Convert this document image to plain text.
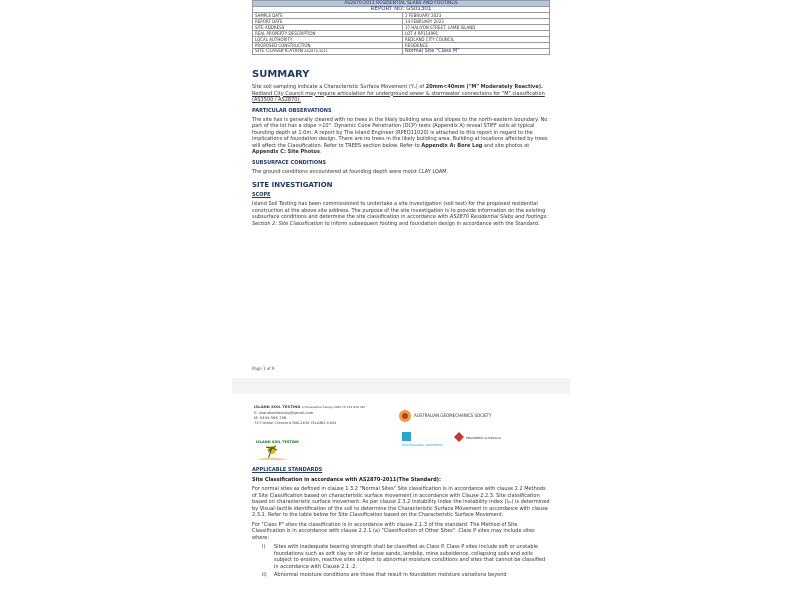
AS2870:2011 RESIDENTIAL SLABS AND FOOTINGS	
REPORT NO: GS01301	
SAMPLE DATE	2 FEBRUARY 2023
REPORT DATE	14 FEBRUARY 2023
SITE ADDRESS	37 HALIYON STREET, LAMB ISLAND
REAL PROPERTY DESCRIPTION	LOT 4 RP114991
LOCAL AUTHORITY	REDLAND CITY COUNCIL
PROPOSED CONSTRUCTION	RESIDENCE
SITE CLASSIFICATION AS2870-2011	Normal Site "Class M"
SUMMARY

Site soil sampling indicate a Characteristic Surface Movement (Yₛ) of 20mm<40mm ("M" Moderately Reactive). Redland City Council may require articulation for underground sewer & stormwater connections for "M" classification (AS3500 / AS2870).

PARTICULAR OBSERVATIONS

The site has is generally cleared with no trees in the likely building area and slopes to the north-eastern boundary. No part of the lot has a slope >10°. Dynamic Cone Penetration (DCP) tests (Appendix A) reveal STIFF soils at typical founding depth at 1.0m. A report by The Island Engineer (RPEQ11020) is attached to this report in regard to the implications of foundation design. There are no trees in the likely building area. Building at locations affected by trees will affect the Classification. Refer to TREES section below. Refer to Appendix A: Bore Log and site photos at Appendix C: Site Photos.

SUBSURFACE CONDITIONS

The ground conditions encountered at founding depth were moist CLAY LOAM.

SITE INVESTIGATION
SCOPE

Island Soil Testing has been commissioned to undertake a site investigation (soil test) for the proposed residential construction at the above site address. The purpose of the site investigation is to provide information on the existing subsurface conditions and determine the site classification in accordance with AS2870 Residential Slabs and footings: Section 2: Site Classification to inform subsequent footing and foundation design in accordance with the Standard.

Page 1 of 9
ISLAND SOIL TESTING a Fairweather Design ABN 76 229 849 467
E: islandsoiltesting@gmail.com
M: 0409 586 798
74 Crease Crescent MACLEAY ISLAND 4184
ISLAND SOIL TESTING
AUSTRALIAN GEOMECHANICS SOCIETY
PROFESSIONAL ENGINEERS
ENGINEERS AUSTRALIA
APPLICABLE STANDARDS
Site Classification in accordance with AS2870-2011(The Standard):

For normal sites as defined in clause 1.3.2 "Normal Sites" Site classification is in accordance with clause 2.2 Methods of Site Classification based on characteristic surface movement in accordance with Clause 2.2.3. Site classification based on characteristic surface movement. As per clause 2.3.2 Instability Index the instability index (Iₚₜ) is determined by Visual-tactile identification of the soil to determine the Characteristic Surface Movement in accordance with clause 2.3.1. Refer to the table below for Site Classification based on the Characteristic Surface Movement.

For "Class P" sites the classification is in accordance with clause 2.1.3 of the standard. The Method of Site Classification is in accordance with clause 2.2.1 (a) "Classification of Other Sites". Class P sites may include sites where:

i)	Sites with inadequate bearing strength shall be classified as Class P. Class P sites include soft or unstable foundations such as soft clay or silt or loose sands, landslip, mine subsidence, collapsing soils and soils subject to erosion, reactive sites subject to abnormal moisture conditions and sites that cannot be classified in accordance with Clause 2.1 .2.
ii)	Abnormal moisture conditions are those that result in foundation moisture variations beyond
